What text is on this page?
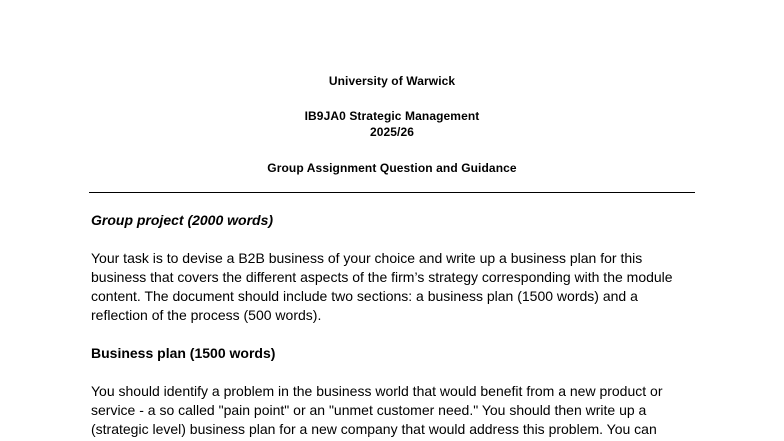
University of Warwick
IB9JA0 Strategic Management
2025/26
Group Assignment Question and Guidance
Group project (2000 words)
Your task is to devise a B2B business of your choice and write up a business plan for this
business that covers the different aspects of the firm’s strategy corresponding with the module
content. The document should include two sections: a business plan (1500 words) and a
reflection of the process (500 words).
Business plan (1500 words)
You should identify a problem in the business world that would benefit from a new product or
service - a so called "pain point" or an "unmet customer need." You should then write up a
(strategic level) business plan for a new company that would address this problem. You can
